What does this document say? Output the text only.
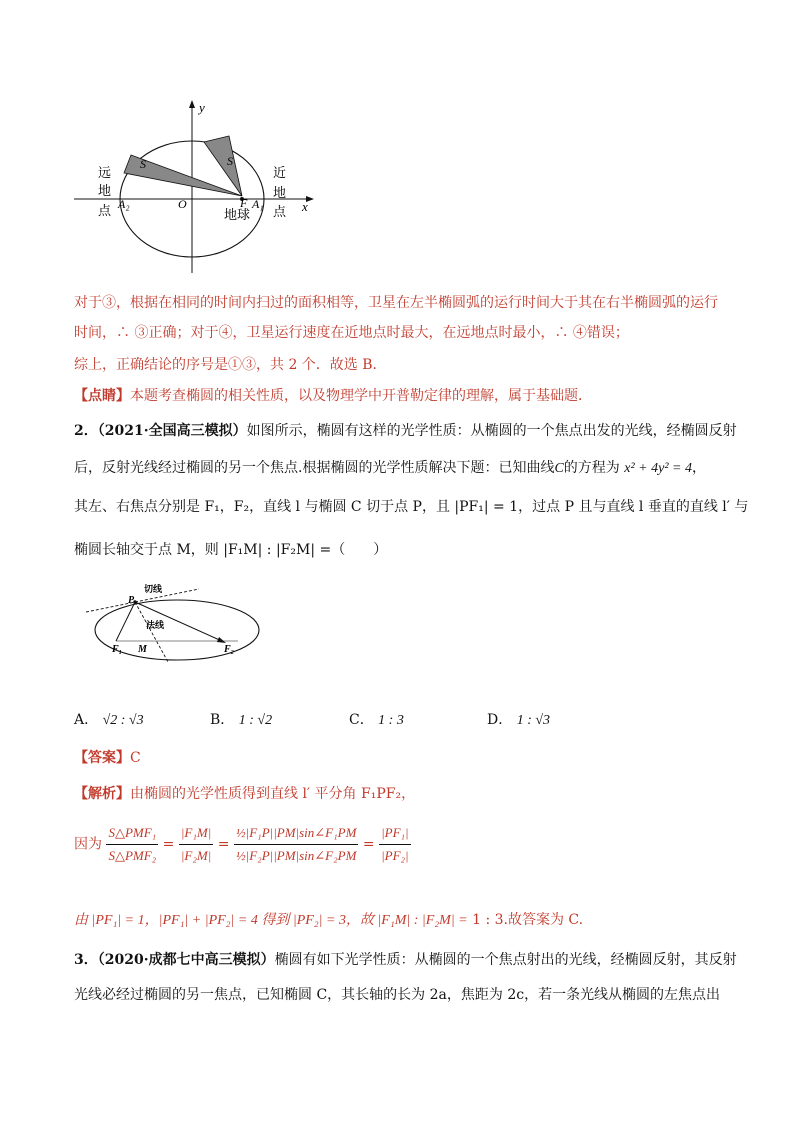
y
x
O
A₂	A₁
F
S	S
远
地
点
近
地
点
地球
对于③，根据在相同的时间内扫过的面积相等，卫星在左半椭圆弧的运行时间大于其在右半椭圆弧的运行
时间，∴ ③正确；对于④，卫星运行速度在近地点时最大，在远地点时最小，∴ ④错误；
综上，正确结论的序号是①③，共 2 个．故选 B．
【点睛】本题考查椭圆的相关性质，以及物理学中开普勒定律的理解，属于基础题．
2．（2021·全国高三模拟）如图所示，椭圆有这样的光学性质：从椭圆的一个焦点出发的光线，经椭圆反射
后，反射光线经过椭圆的另一个焦点.根据椭圆的光学性质解决下题：已知曲线C的方程为 x² + 4y² = 4，
其左、右焦点分别是 F₁，F₂，直线 l 与椭圆 C 切于点 P，且 |PF₁| = 1，过点 P 且与直线 l 垂直的直线 l′ 与
椭圆长轴交于点 M，则 |F₁M| : |F₂M| =（　　）
切线
法线
P
F₁ M	F₂
A． √2 : √3	B． 1 : √2	C． 1 : 3	D． 1 : √3
【答案】C
【解析】由椭圆的光学性质得到直线 l′ 平分角 F₁PF₂，
因为 $\frac{\text{S△PMF₁}}{\text{S△PMF₂}} = \frac{\text{|F₁M|}}{\text{|F₂M|}} = \frac{\text{½|F₁P||PM|sin∠F₁PM}}{\text{½|F₂P||PM|sin∠F₂PM}} = \frac{\text{|PF₁|}}{\text{|PF₂|}}$
由 |PF₁| = 1，|PF₁| + |PF₂| = 4 得到 |PF₂| = 3，故 |F₁M| : |F₂M| = 1 : 3.故答案为 C.
3．（2020·成都七中高三模拟）椭圆有如下光学性质：从椭圆的一个焦点射出的光线，经椭圆反射，其反射
光线必经过椭圆的另一焦点，已知椭圆 C，其长轴的长为 2a，焦距为 2c，若一条光线从椭圆的左焦点出
